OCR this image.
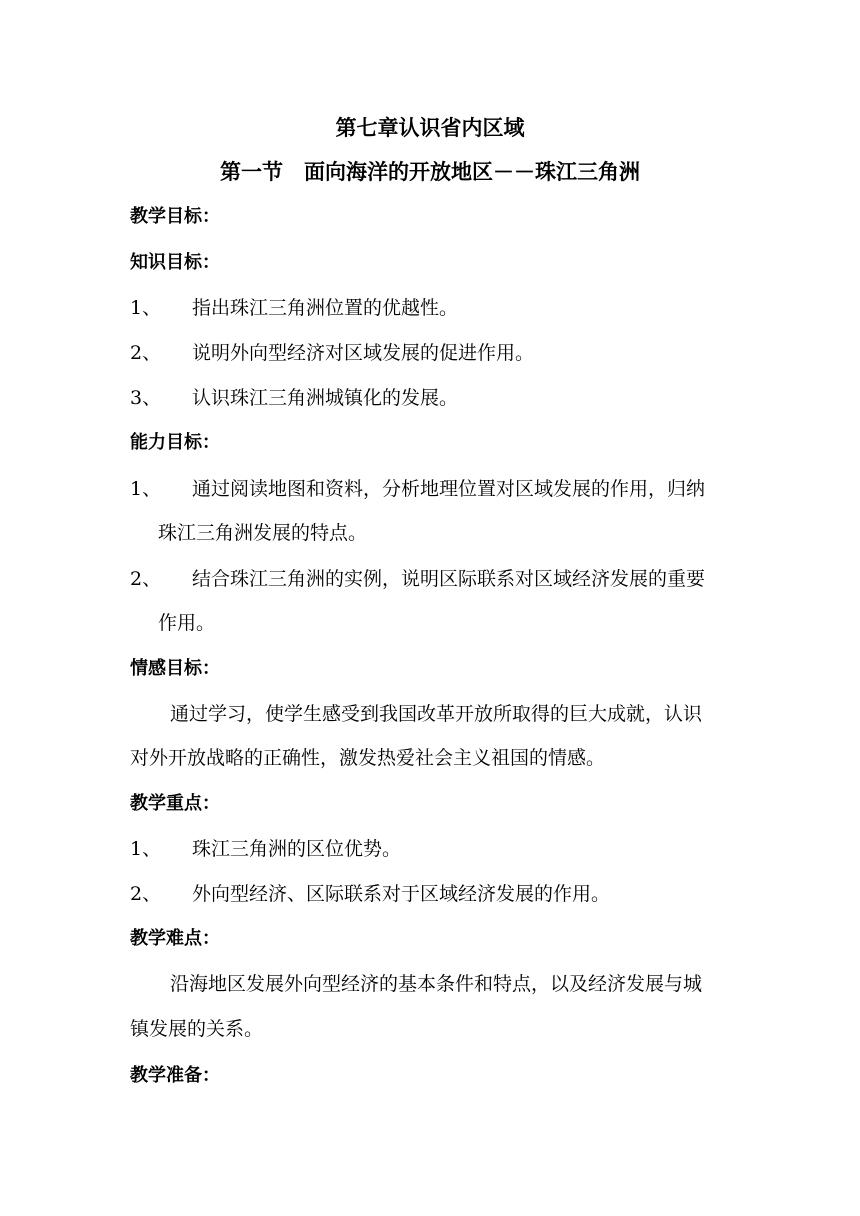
第七章认识省内区域
第一节　面向海洋的开放地区－－珠江三角洲
教学目标：
知识目标：
1、 指出珠江三角洲位置的优越性。
2、 说明外向型经济对区域发展的促进作用。
3、 认识珠江三角洲城镇化的发展。
能力目标：
1、 通过阅读地图和资料，分析地理位置对区域发展的作用，归纳
珠江三角洲发展的特点。
2、 结合珠江三角洲的实例，说明区际联系对区域经济发展的重要
作用。
情感目标：
通过学习，使学生感受到我国改革开放所取得的巨大成就，认识
对外开放战略的正确性，激发热爱社会主义祖国的情感。
教学重点：
1、 珠江三角洲的区位优势。
2、 外向型经济、区际联系对于区域经济发展的作用。
教学难点：
沿海地区发展外向型经济的基本条件和特点，以及经济发展与城
镇发展的关系。
教学准备：
